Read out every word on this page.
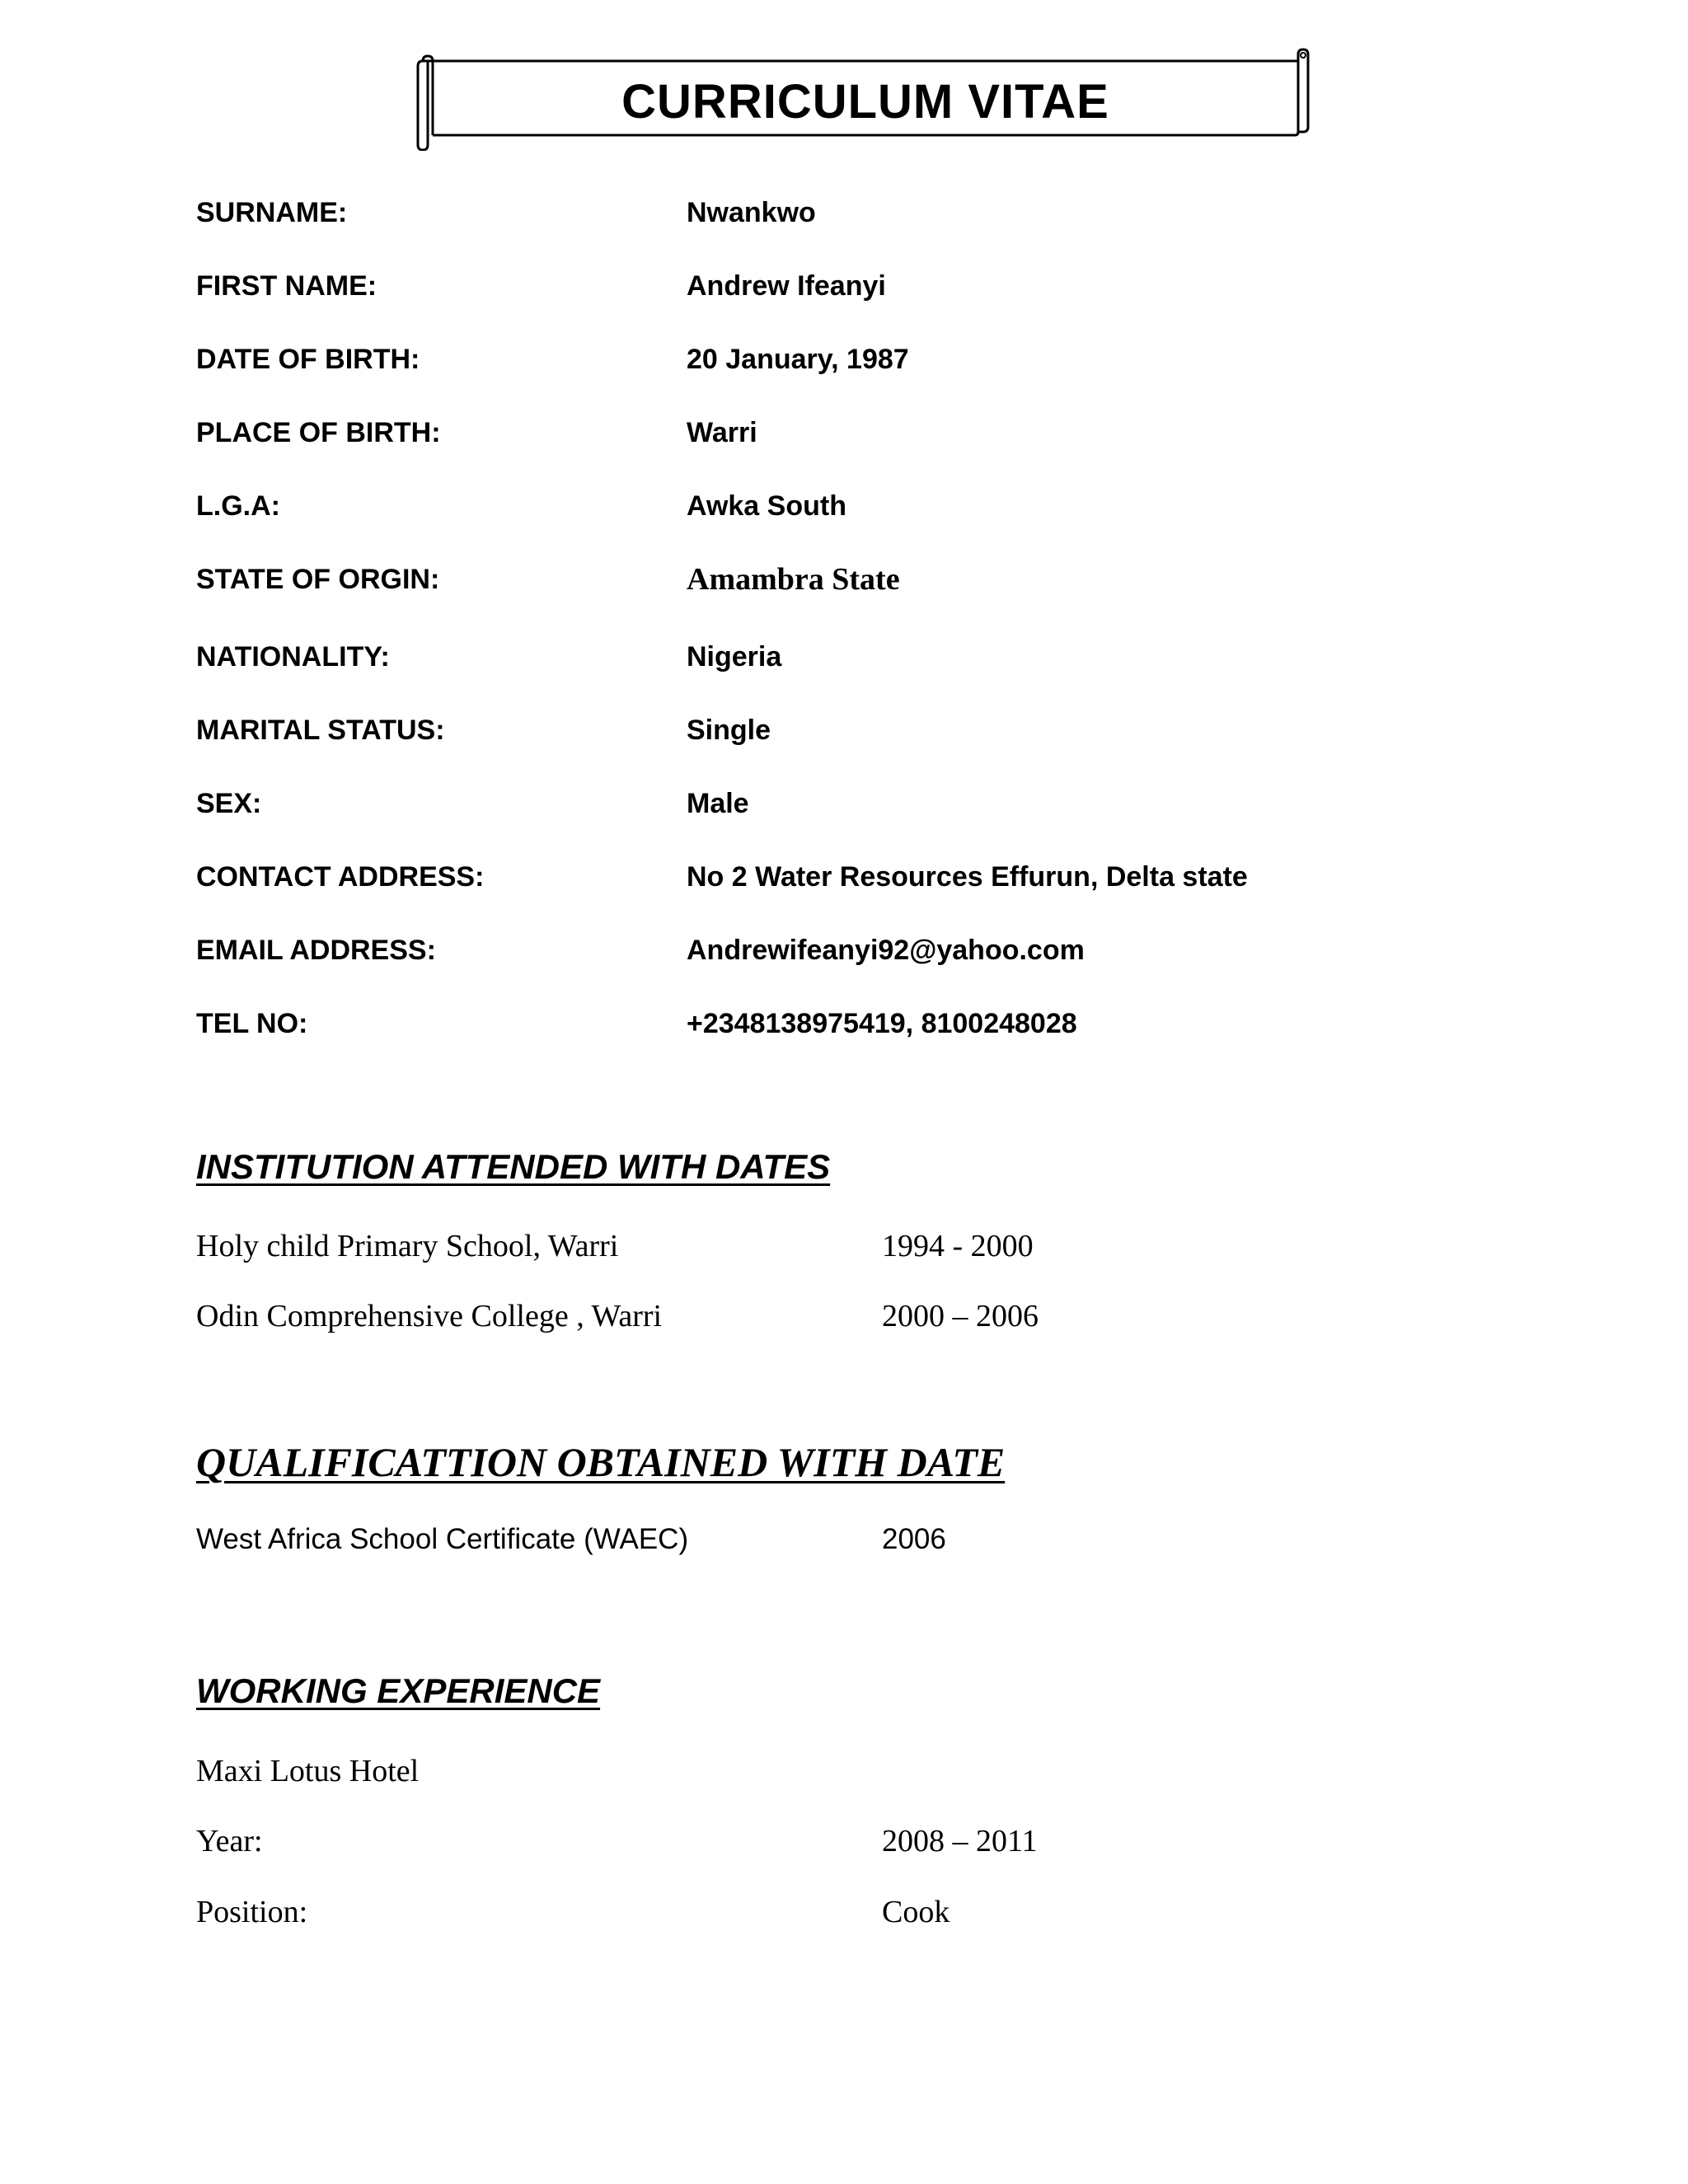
CURRICULUM VITAE
SURNAME:	Nwankwo
FIRST NAME:	Andrew Ifeanyi
DATE OF BIRTH:	20 January, 1987
PLACE OF BIRTH:	Warri
L.G.A:	Awka South
STATE OF ORGIN:	Amambra State
NATIONALITY:	Nigeria
MARITAL STATUS:	Single
SEX:	Male
CONTACT ADDRESS:	No 2 Water Resources Effurun, Delta state
EMAIL ADDRESS:	Andrewifeanyi92@yahoo.com
TEL NO:	+2348138975419, 8100248028
INSTITUTION ATTENDED WITH DATES
Holy child Primary School, Warri	1994 - 2000
Odin Comprehensive College , Warri	2000 – 2006
QUALIFICATTION OBTAINED WITH DATE
West Africa School Certificate (WAEC)	2006
WORKING EXPERIENCE
Maxi Lotus Hotel
Year:	2008 – 2011
Position:	Cook
